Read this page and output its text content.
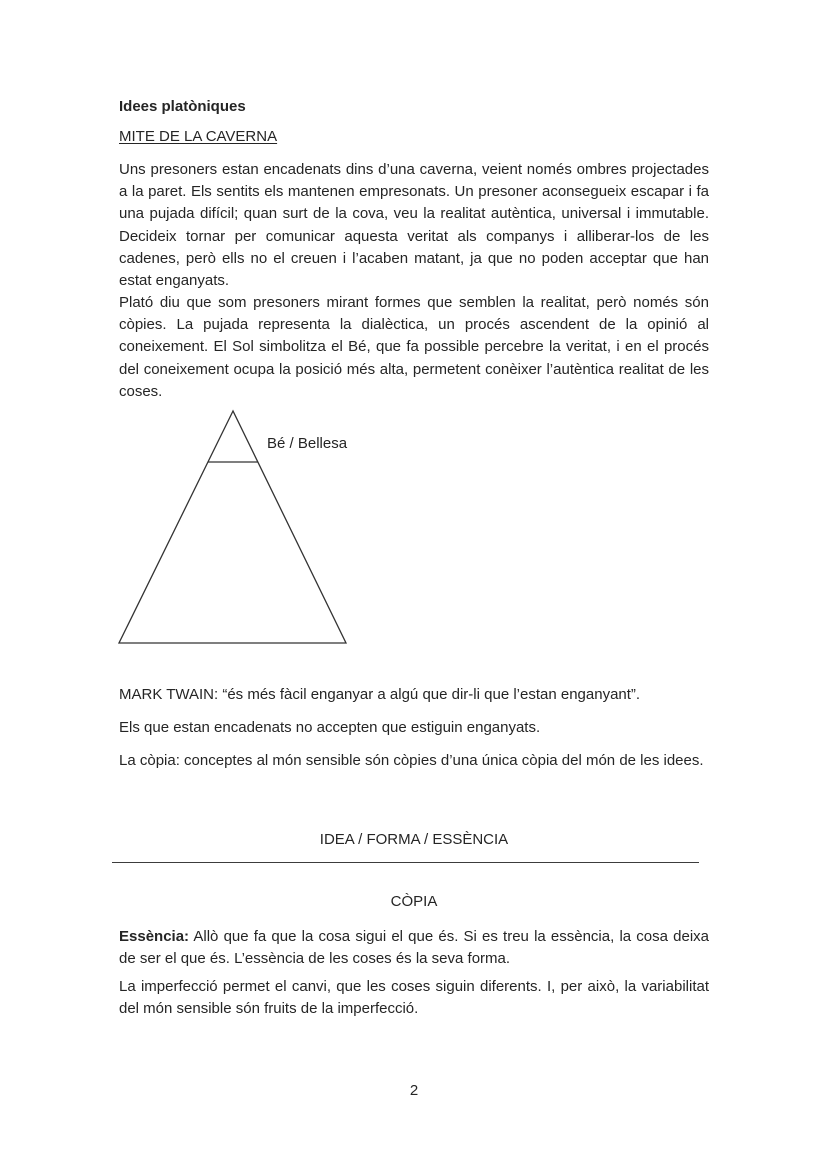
Idees platòniques
MITE DE LA CAVERNA

Uns presoners estan encadenats dins d’una caverna, veient només ombres projectades a la paret. Els sentits els mantenen empresonats. Un presoner aconsegueix escapar i fa una pujada difícil; quan surt de la cova, veu la realitat autèntica, universal i immutable. Decideix tornar per comunicar aquesta veritat als companys i alliberar-los de les cadenes, però ells no el creuen i l’acaben matant, ja que no poden acceptar que han estat enganyats.

Plató diu que som presoners mirant formes que semblen la realitat, però només són còpies. La pujada representa la dialèctica, un procés ascendent de la opinió al coneixement. El Sol simbolitza el Bé, que fa possible percebre la veritat, i en el procés del coneixement ocupa la posició més alta, permetent conèixer l’autèntica realitat de les coses.

Bé / Bellesa

MARK TWAIN: “és més fàcil enganyar a algú que dir-li que l’estan enganyant”.

Els que estan encadenats no accepten que estiguin enganyats.

La còpia: conceptes al món sensible són còpies d’una única còpia del món de les idees.

IDEA / FORMA / ESSÈNCIA
CÒPIA

Essència: Allò que fa que la cosa sigui el que és. Si es treu la essència, la cosa deixa de ser el que és. L’essència de les coses és la seva forma.

La imperfecció permet el canvi, que les coses siguin diferents. I, per això, la variabilitat del món sensible són fruits de la imperfecció.

2
